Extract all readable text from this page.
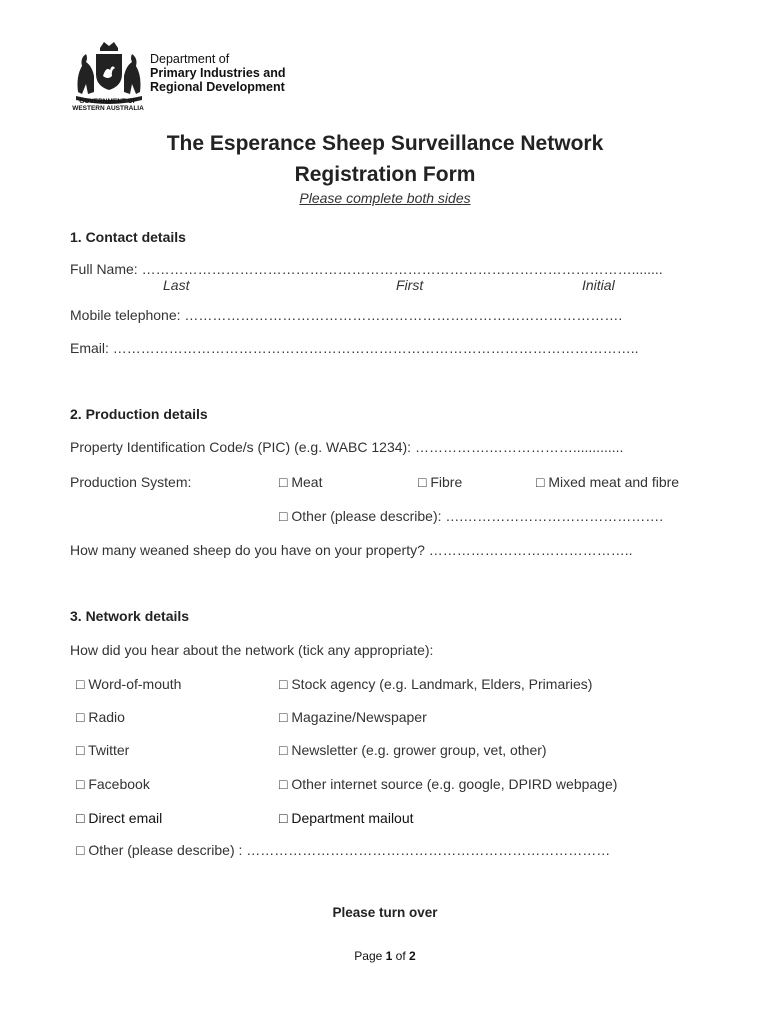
GOVERNMENT OF
WESTERN AUSTRALIA
Department of
Primary Industries and
Regional Development
The Esperance Sheep Surveillance Network
Registration Form
Please complete both sides
1. Contact details
Full Name: ……………………………………………………………………………………………........
Last	First	Initial
Mobile telephone: ………………………………………………………………………………….
Email: …………………………………………………………………………………………………..
2. Production details
Property Identification Code/s (PIC) (e.g. WABC 1234): …………….……………….............
Production System:	□ Meat	□ Fibre	□ Mixed meat and fibre
□ Other (please describe): ….…………………………………….
How many weaned sheep do you have on your property? ……………………………………..
3. Network details
How did you hear about the network (tick any appropriate):
□ Word-of-mouth	□ Stock agency (e.g. Landmark, Elders, Primaries)
□ Radio	□ Magazine/Newspaper
□ Twitter	□ Newsletter (e.g. grower group, vet, other)
□ Facebook	□ Other internet source (e.g. google, DPIRD webpage)
□ Direct email	□ Department mailout
□ Other (please describe) : ……………………………………………………………………
Please turn over
Page 1 of 2
